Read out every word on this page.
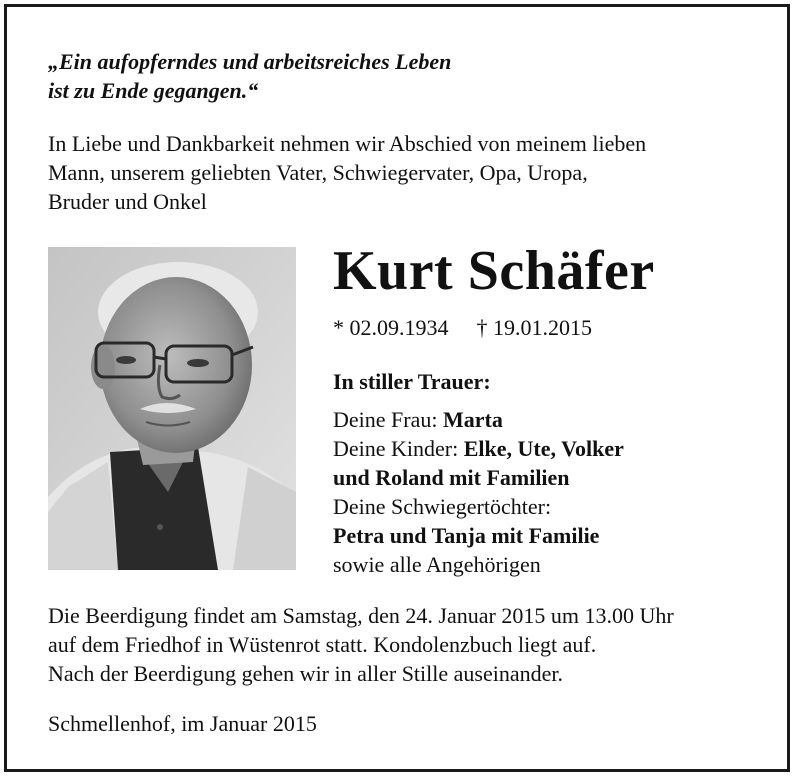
„Ein aufopferndes und arbeitsreiches Leben
ist zu Ende gegangen.“
In Liebe und Dankbarkeit nehmen wir Abschied von meinem lieben
Mann, unserem geliebten Vater, Schwiegervater, Opa, Uropa,
Bruder und Onkel
Kurt Schäfer
* 02.09.1934 † 19.01.2015
In stiller Trauer:
Deine Frau: Marta
Deine Kinder: Elke, Ute, Volker
und Roland mit Familien
Deine Schwiegertöchter:
Petra und Tanja mit Familie
sowie alle Angehörigen
Die Beerdigung findet am Samstag, den 24. Januar 2015 um 13.00 Uhr
auf dem Friedhof in Wüstenrot statt. Kondolenzbuch liegt auf.
Nach der Beerdigung gehen wir in aller Stille auseinander.
Schmellenhof, im Januar 2015
